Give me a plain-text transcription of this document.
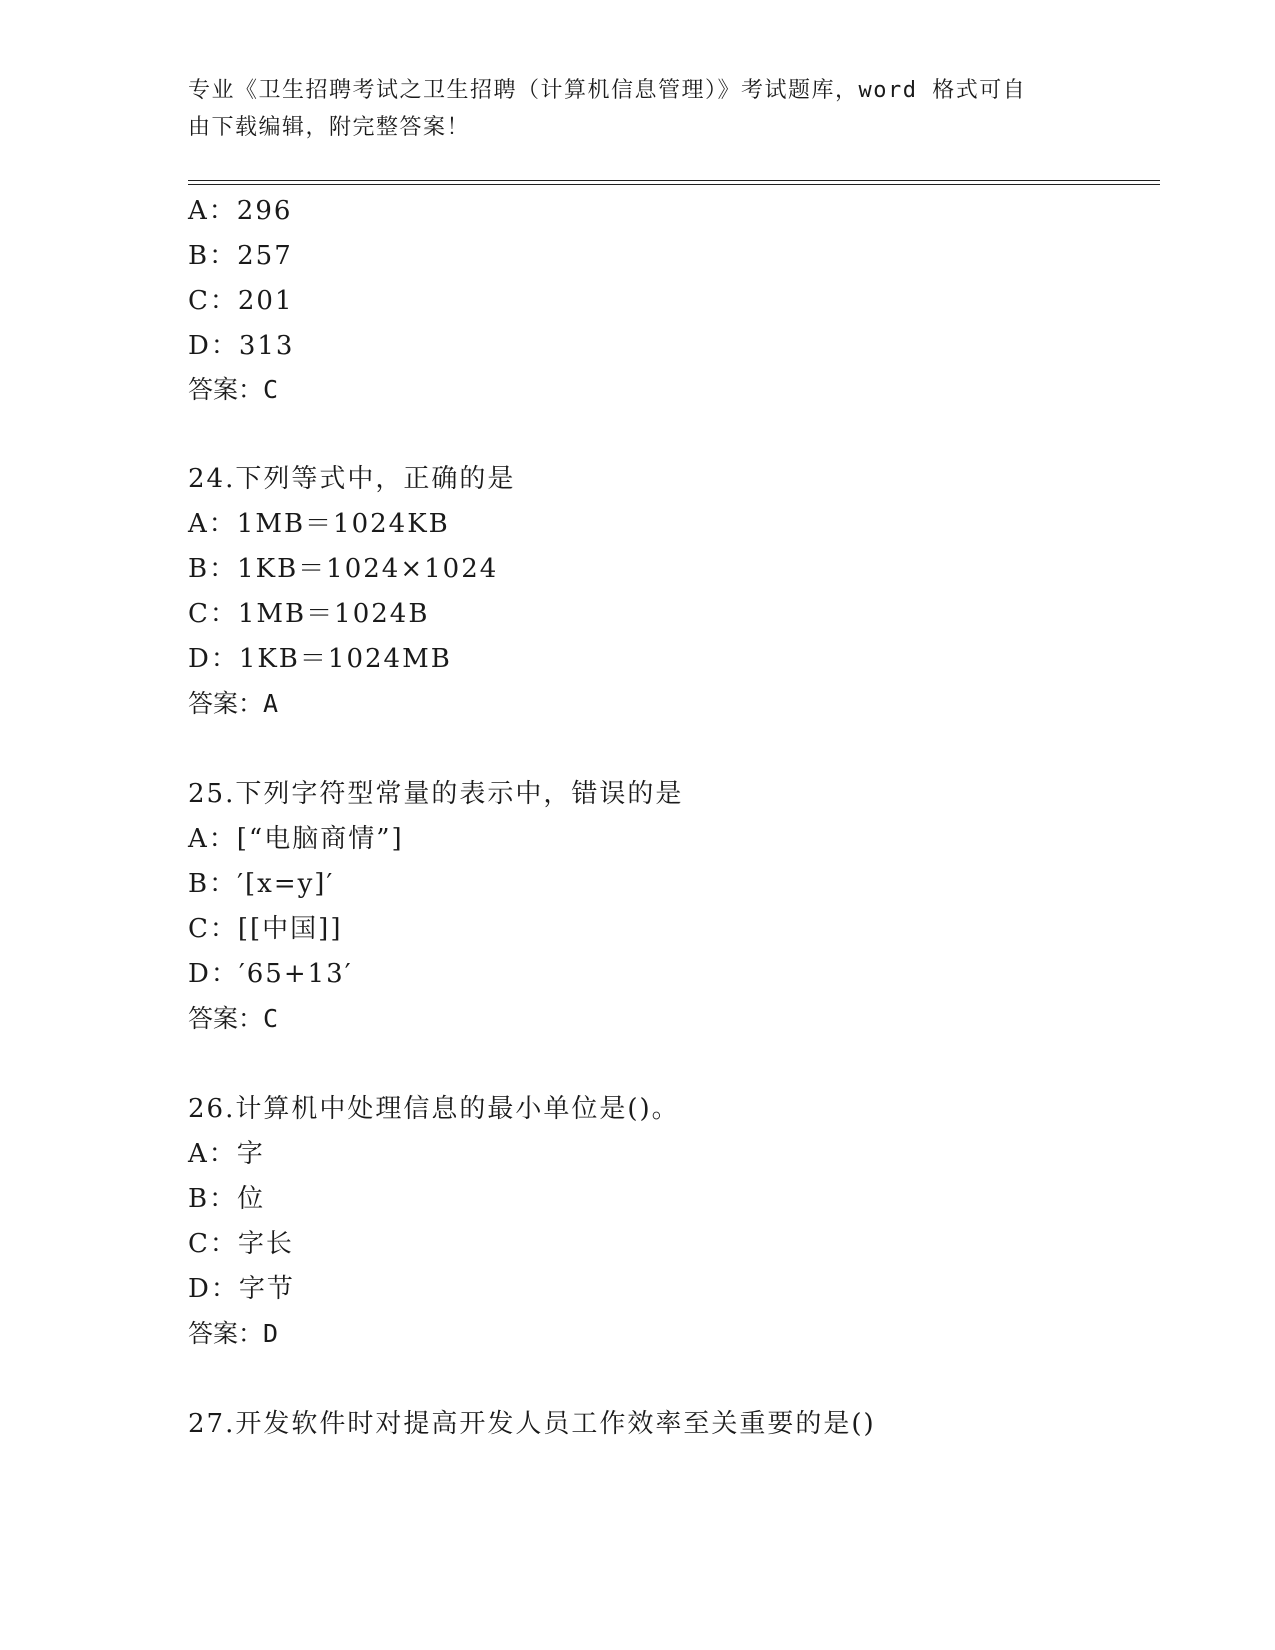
专业《卫生招聘考试之卫生招聘（计算机信息管理）》考试题库，word 格式可自
由下载编辑，附完整答案！
A：296
B：257
C：201
D：313
答案：C
24.下列等式中，正确的是
A：1MB＝1024KB
B：1KB＝1024×1024
C：1MB＝1024B
D：1KB＝1024MB
答案：A
25.下列字符型常量的表示中，错误的是
A：[“电脑商情”]
B：′[x=y]′
C：[[中国]]
D：′65+13′
答案：C
26.计算机中处理信息的最小单位是()。
A：字
B：位
C：字长
D：字节
答案：D
27.开发软件时对提高开发人员工作效率至关重要的是()
